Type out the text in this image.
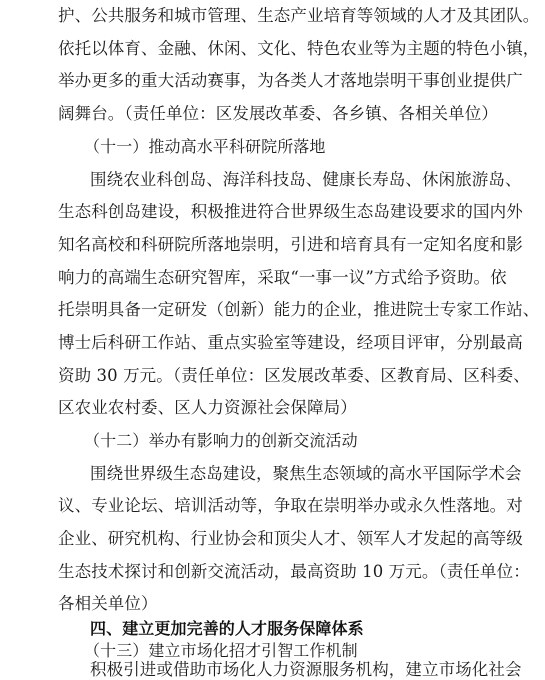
护、公共服务和城市管理、生态产业培育等领域的人才及其团队。
依托以体育、金融、休闲、文化、特色农业等为主题的特色小镇，
举办更多的重大活动赛事，为各类人才落地崇明干事创业提供广
阔舞台。（责任单位：区发展改革委、各乡镇、各相关单位）
（十一）推动高水平科研院所落地
围绕农业科创岛、海洋科技岛、健康长寿岛、休闲旅游岛、
生态科创岛建设，积极推进符合世界级生态岛建设要求的国内外
知名高校和科研院所落地崇明，引进和培育具有一定知名度和影
响力的高端生态研究智库，采取“一事一议”方式给予资助。依
托崇明具备一定研发（创新）能力的企业，推进院士专家工作站、
博士后科研工作站、重点实验室等建设，经项目评审，分别最高
资助 30 万元。（责任单位：区发展改革委、区教育局、区科委、
区农业农村委、区人力资源社会保障局）
（十二）举办有影响力的创新交流活动
围绕世界级生态岛建设，聚焦生态领域的高水平国际学术会
议、专业论坛、培训活动等，争取在崇明举办或永久性落地。对
企业、研究机构、行业协会和顶尖人才、领军人才发起的高等级
生态技术探讨和创新交流活动，最高资助 10 万元。（责任单位：
各相关单位）
四、建立更加完善的人才服务保障体系
（十三）建立市场化招才引智工作机制
积极引进或借助市场化人力资源服务机构，建立市场化社会
